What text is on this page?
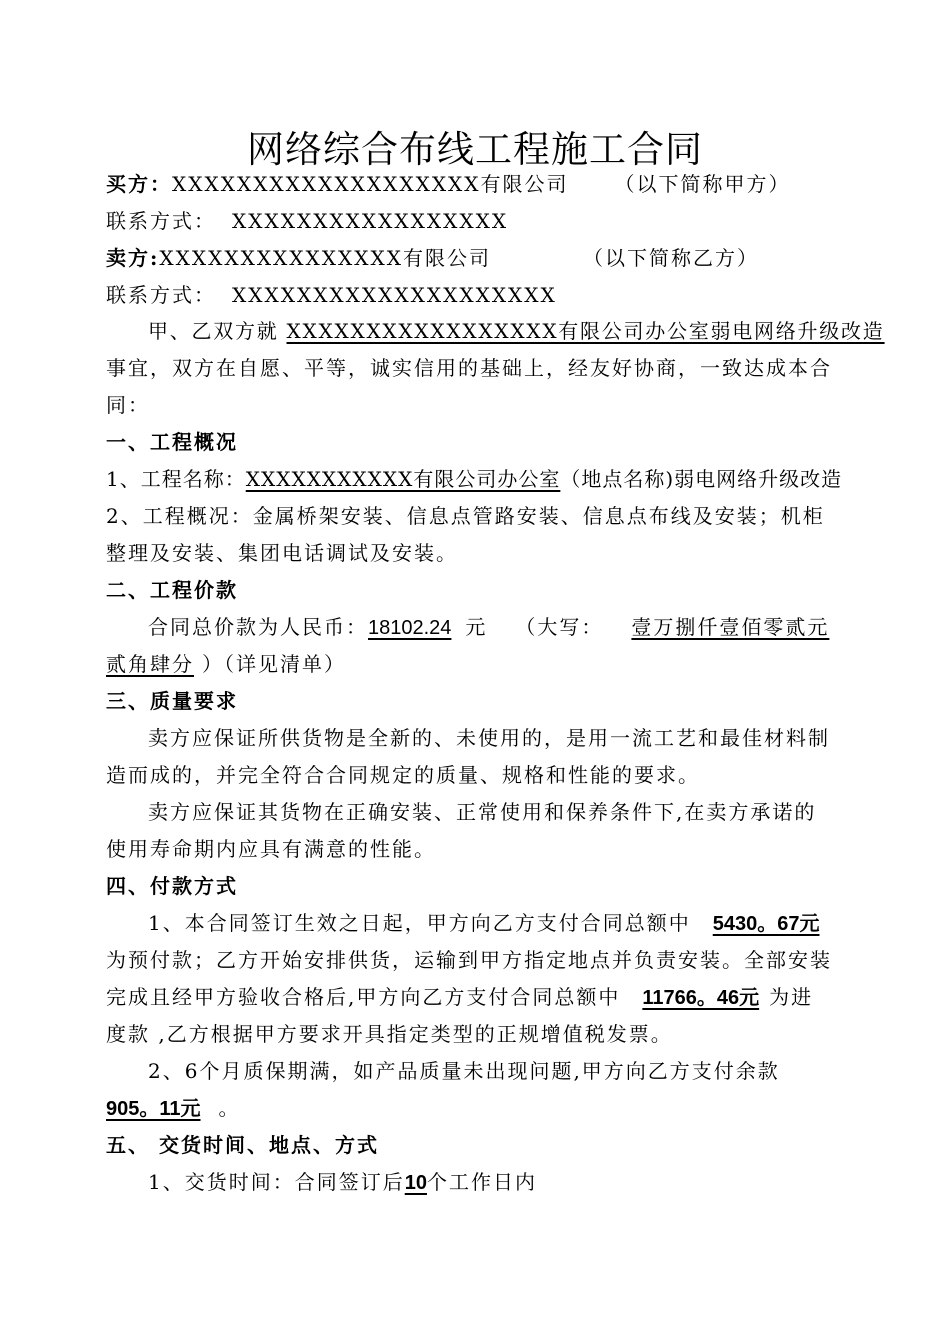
网络综合布线工程施工合同
买方：XXXXXXXXXXXXXXXXXXX有限公司 （以下简称甲方）
联系方式： XXXXXXXXXXXXXXXXX
卖方:XXXXXXXXXXXXXXX有限公司	（以下简称乙方）
联系方式： XXXXXXXXXXXXXXXXXXXX
甲、乙双方就 XXXXXXXXXXXXXXXXX有限公司办公室弱电网络升级改造
事宜，双方在自愿、平等，诚实信用的基础上，经友好协商，一致达成本合
同：
一、工程概况
1、工程名称：XXXXXXXXXXX有限公司办公室（地点名称)弱电网络升级改造
2、工程概况：金属桥架安装、信息点管路安装、信息点布线及安装；机柜
整理及安装、集团电话调试及安装。
二、工程价款
合同总价款为人民币：18102.24 元 （大写： 壹万捌仟壹佰零贰元
贰角肆分 ）（详见清单）
三、质量要求
卖方应保证所供货物是全新的、未使用的，是用一流工艺和最佳材料制
造而成的，并完全符合合同规定的质量、规格和性能的要求。
卖方应保证其货物在正确安装、正常使用和保养条件下,在卖方承诺的
使用寿命期内应具有满意的性能。
四、付款方式
1、本合同签订生效之日起，甲方向乙方支付合同总额中 5430。67元
为预付款；乙方开始安排供货，运输到甲方指定地点并负责安装。全部安装
完成且经甲方验收合格后,甲方向乙方支付合同总额中 11766。46元 为进
度款 ,乙方根据甲方要求开具指定类型的正规增值税发票。
2、6个月质保期满，如产品质量未出现问题,甲方向乙方支付余款
905。11元 。
五、 交货时间、地点、方式
1、交货时间：合同签订后10个工作日内
